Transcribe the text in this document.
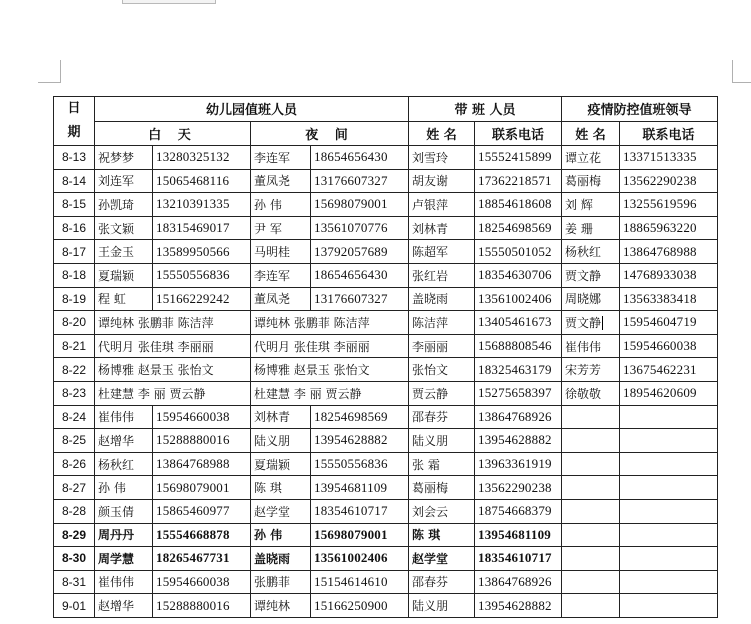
日
期	幼儿园值班人员				带 班 人员		疫情防控值班领导	
	白 天		夜 间		姓 名	联系电话	姓 名	联系电话
8-13	祝梦梦	13280325132	李连军	18654656430	刘雪玲	15552415899	谭立花	13371513335
8-14	刘连军	15065468116	董凤尧	13176607327	胡友谢	17362218571	葛丽梅	13562290238
8-15	孙凯琦	13210391335	孙 伟	15698079001	卢银萍	18854618608	刘 辉	13255619596
8-16	张文颖	18315469017	尹 军	13561070776	刘林青	18254698569	姜 珊	18865963220
8-17	王金玉	13589950566	马明桂	13792057689	陈超军	15550501052	杨秋红	13864768988
8-18	夏瑞颖	15550556836	李连军	18654656430	张红岩	18354630706	贾文静	14768933038
8-19	程 虹	15166229242	董凤尧	13176607327	盖晓雨	13561002406	周晓娜	13563383418
8-20	谭纯林 张鹏菲 陈洁萍		谭纯林 张鹏菲 陈洁萍		陈洁萍	13405461673	贾文静	15954604719
8-21	代明月 张佳琪 李丽丽		代明月 张佳琪 李丽丽		李丽丽	15688808546	崔伟伟	15954660038
8-22	杨博雅 赵景玉 张怡文		杨博雅 赵景玉 张怡文		张怡文	18325463179	宋芳芳	13675462231
8-23	杜建慧 李 丽 贾云静		杜建慧 李 丽 贾云静		贾云静	15275658397	徐敬敬	18954620609
8-24	崔伟伟	15954660038	刘林青	18254698569	邵春芬	13864768926		
8-25	赵增华	15288880016	陆义朋	13954628882	陆义朋	13954628882		
8-26	杨秋红	13864768988	夏瑞颖	15550556836	张 霜	13963361919		
8-27	孙 伟	15698079001	陈 琪	13954681109	葛丽梅	13562290238		
8-28	颜玉倩	15865460977	赵学堂	18354610717	刘会云	18754668379		
8-29	周丹丹	15554668878	孙 伟	15698079001	陈 琪	13954681109		
8-30	周学慧	18265467731	盖晓雨	13561002406	赵学堂	18354610717		
8-31	崔伟伟	15954660038	张鹏菲	15154614610	邵春芬	13864768926		
9-01	赵增华	15288880016	谭纯林	15166250900	陆义朋	13954628882		
